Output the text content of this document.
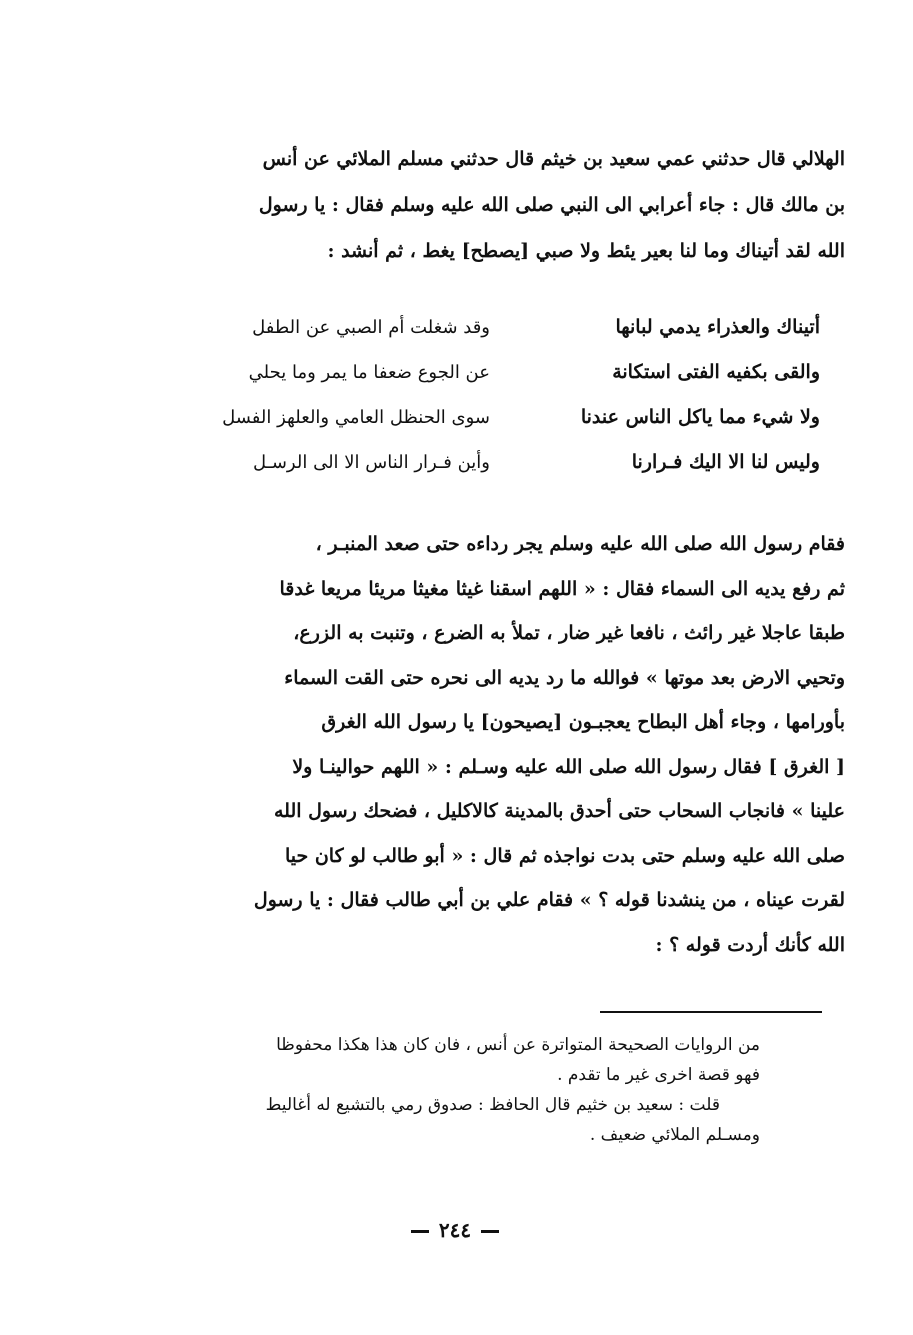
الهلالي قال حدثني عمي سعيد بن خيثم قال حدثني مسلم الملائي عن أنس
بن مالك قال : جاء أعرابي الى النبي صلى الله عليه وسلم فقال : يا رسول
الله لقد أتيناك وما لنا بعير يئط ولا صبي [يصطح] يغط ، ثم أنشد :
أتيناك والعذراء يدمي لبانها
وقد شغلت أم الصبي عن الطفل
والقى بكفيه الفتى استكانة
عن الجوع ضعفا ما يمر وما يحلي
ولا شيء مما ياكل الناس عندنا
سوى الحنظل العامي والعلهز الفسل
وليس لنا الا اليك فـرارنا
وأين فـرار الناس الا الى الرسـل
فقام رسول الله صلى الله عليه وسلم يجر رداءه حتى صعد المنبـر ،
ثم رفع يديه الى السماء فقال : « اللهم اسقنا غيثا مغيثا مريئا مريعا غدقا
طبقا عاجلا غير رائث ، نافعا غير ضار ، تملأ به الضرع ، وتنبت به الزرع،
وتحيي الارض بعد موتها » فوالله ما رد يديه الى نحره حتى القت السماء
بأورامها ، وجاء أهل البطاح يعجبـون [يصيحون] يا رسول الله الغرق
[ الغرق ] فقال رسول الله صلى الله عليه وسـلم : « اللهم حوالينـا ولا
علينا » فانجاب السحاب حتى أحدق بالمدينة كالاكليل ، فضحك رسول الله
صلى الله عليه وسلم حتى بدت نواجذه ثم قال : « أبو طالب لو كان حيا
لقرت عيناه ، من ينشدنا قوله ؟ » فقام علي بن أبي طالب فقال : يا رسول
الله كأنك أردت قوله ؟ :
من الروايات الصحيحة المتواترة عن أنس ، فان كان هذا هكذا محفوظا
فهو قصة اخرى غير ما تقدم .
قلت : سعيد بن خثيم قال الحافظ : صدوق رمي بالتشيع له أغاليط
ومسـلم الملائي ضعيف .
٢٤٤
